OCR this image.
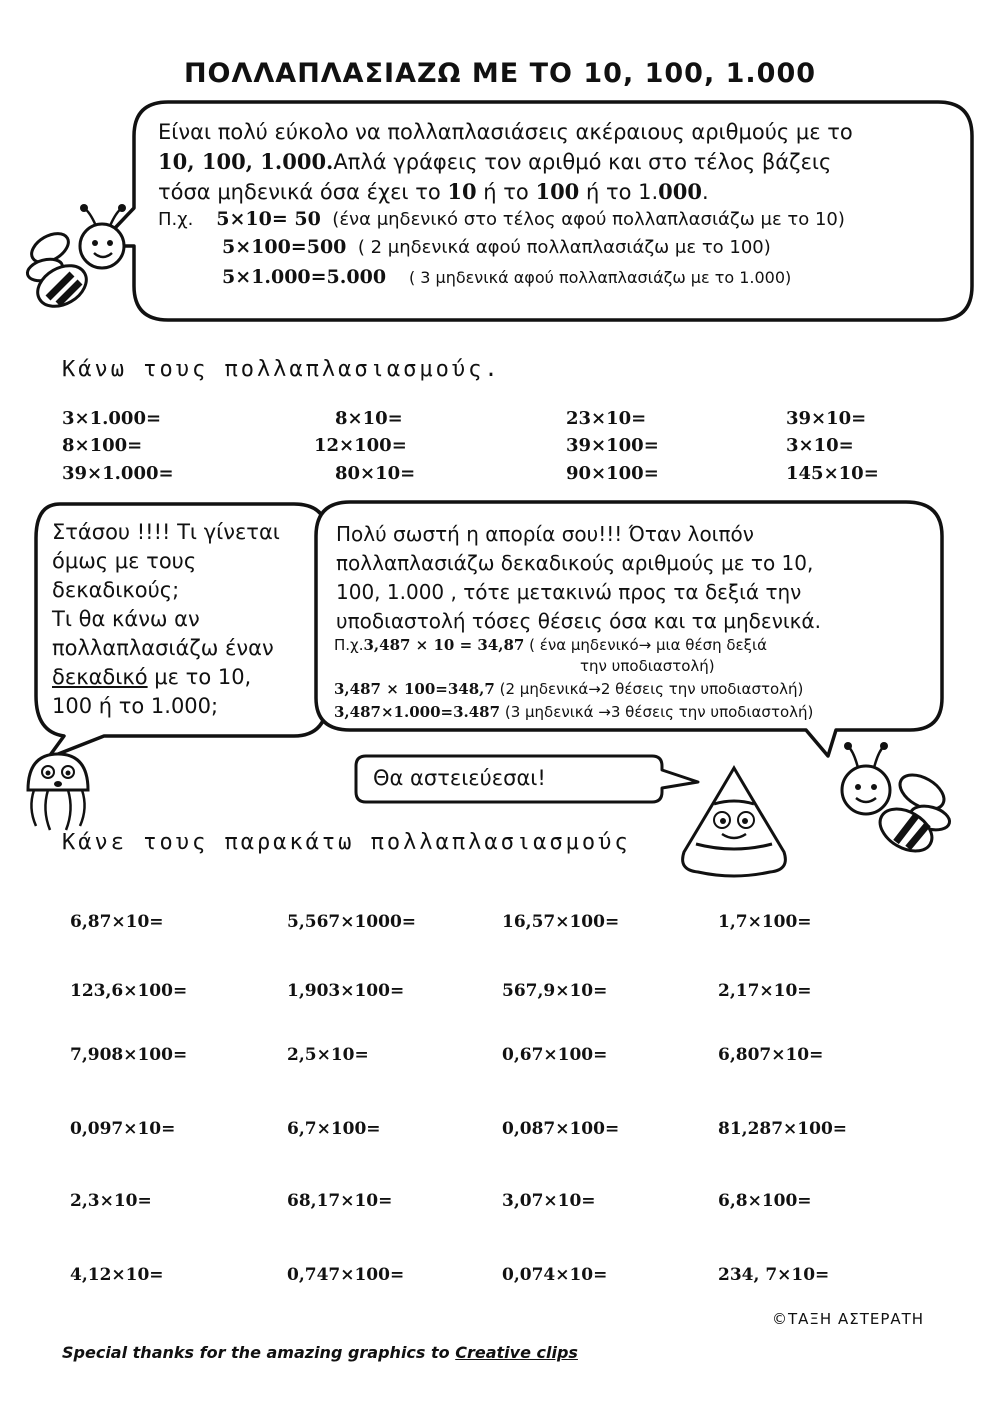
ΠΟΛΛΑΠΛΑΣΙΑΖΩ ΜΕ ΤΟ 10, 100, 1.000
Είναι πολύ εύκολο να πολλαπλασιάσεις ακέραιους αριθμούς με το
10, 100, 1.000.Απλά γράφεις τον αριθμό και στο τέλος βάζεις
τόσα μηδενικά όσα έχει το 10 ή το 100 ή το 1.000.
Π.χ. 5×10= 50 (ένα μηδενικό στο τέλος αφού πολλαπλασιάζω με το 10)
5×100=500 ( 2 μηδενικά αφού πολλαπλασιάζω με το 100)
5×1.000=5.000 ( 3 μηδενικά αφού πολλαπλασιάζω με το 1.000)
Κάνω τους πολλαπλασιασμούς.
3×1.000=	8×10=	23×10=	39×10=
8×100=	12×100=	39×100=	3×10=
39×1.000=	80×10=	90×100=	145×10=
Στάσου !!!! Τι γίνεται
όμως με τους
δεκαδικούς;
Τι θα κάνω αν
πολλαπλασιάζω έναν
δεκαδικό με το 10,
100 ή το 1.000;
Πολύ σωστή η απορία σου!!! Όταν λοιπόν
πολλαπλασιάζω δεκαδικούς αριθμούς με το 10,
100, 1.000 , τότε μετακινώ προς τα δεξιά την
υποδιαστολή τόσες θέσεις όσα και τα μηδενικά.
Π.χ.3,487 × 10 = 34,87 ( ένα μηδενικό→ μια θέση δεξιά
την υποδιαστολή)
3,487 × 100=348,7 (2 μηδενικά→2 θέσεις την υποδιαστολή)
3,487×1.000=3.487 (3 μηδενικά →3 θέσεις την υποδιαστολή)
Θα αστειεύεσαι!
Κάνε τους παρακάτω πολλαπλασιασμούς
6,87×10=	5,567×1000=	16,57×100=	1,7×100=
123,6×100=	1,903×100=	567,9×10=	2,17×10=
7,908×100=	2,5×10=	0,67×100=	6,807×10=
0,097×10=	6,7×100=	0,087×100=	81,287×100=
2,3×10=	68,17×10=	3,07×10=	6,8×100=
4,12×10=	0,747×100=	0,074×10=	234, 7×10=
©ΤΑΞΗ ΑΣΤΕΡΑΤΗ
Special thanks for the amazing graphics to Creative clips
